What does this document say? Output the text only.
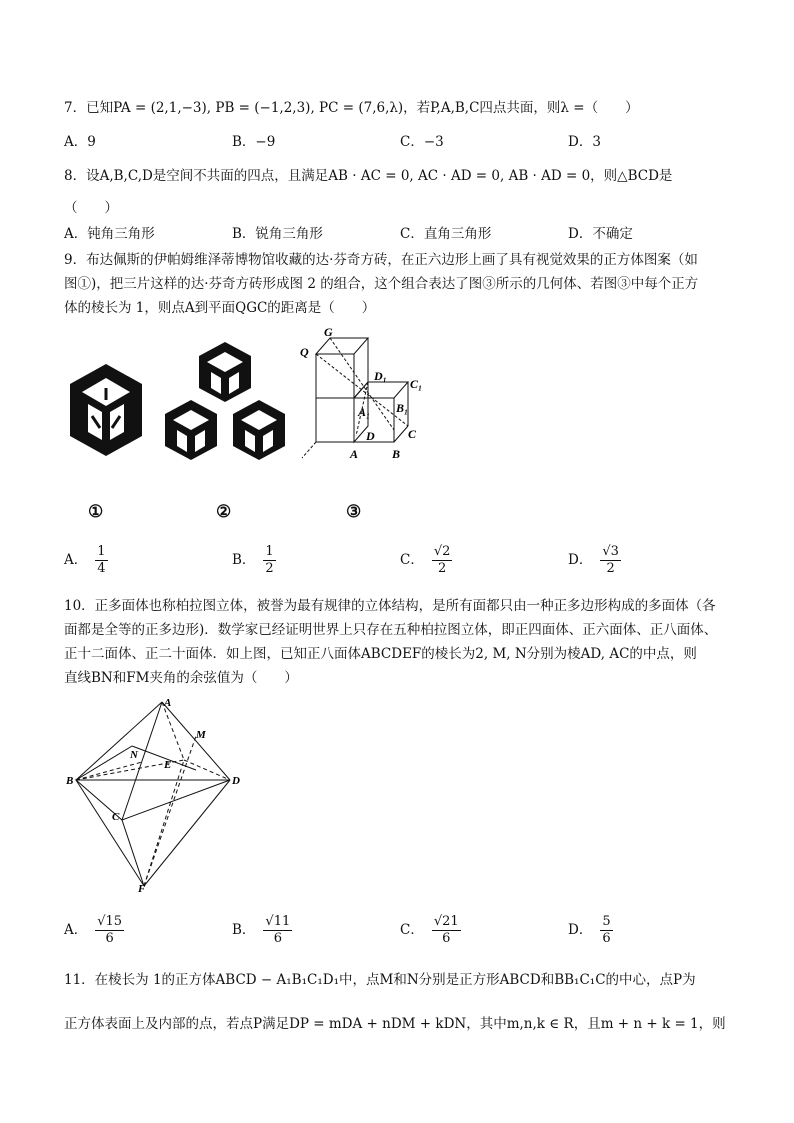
7．已知PA = (2,1,−3), PB = (−1,2,3), PC = (7,6,λ)，若P,A,B,C四点共面，则λ =（　　）
A．9	B．−9	C．−3	D．3
8．设A,B,C,D是空间不共面的四点，且满足AB · AC = 0, AC · AD = 0, AB · AD = 0，则△BCD是
（　　）
A．钝角三角形	B．锐角三角形	C．直角三角形	D．不确定
9．布达佩斯的伊帕姆维泽蒂博物馆收藏的达·芬奇方砖，在正六边形上画了具有视觉效果的正方体图案（如
图①)，把三片这样的达·芬奇方砖形成图 2 的组合，这个组合表达了图③所示的几何体、若图③中每个正方
体的棱长为 1，则点A到平面QGC的距离是（　　）
G
Q
D₁
C₁
A₁ B₁
D	C
A	B
①	②	③
A． $\frac{1}{4}$	B． $\frac{1}{2}$	C． $\frac{√2}{2}$	D． $\frac{√3}{2}$
10．正多面体也称柏拉图立体，被誉为最有规律的立体结构，是所有面都只由一种正多边形构成的多面体（各
面都是全等的正多边形)．数学家已经证明世界上只存在五种柏拉图立体，即正四面体、正六面体、正八面体、
正十二面体、正二十面体．如上图，已知正八面体ABCDEF的棱长为2, M, N分别为棱AD, AC的中点，则
直线BN和FM夹角的余弦值为（　　）
A
M
N
E
B	D
C
F
A． $\frac{√15}{6}$	B． $\frac{√11}{6}$	C． $\frac{√21}{6}$	D． $\frac{5}{6}$
11．在棱长为 1的正方体ABCD − A₁B₁C₁D₁中，点M和N分别是正方形ABCD和BB₁C₁C的中心，点P为
正方体表面上及内部的点，若点P满足DP = mDA + nDM + kDN，其中m,n,k ∈ R，且m + n + k = 1，则
